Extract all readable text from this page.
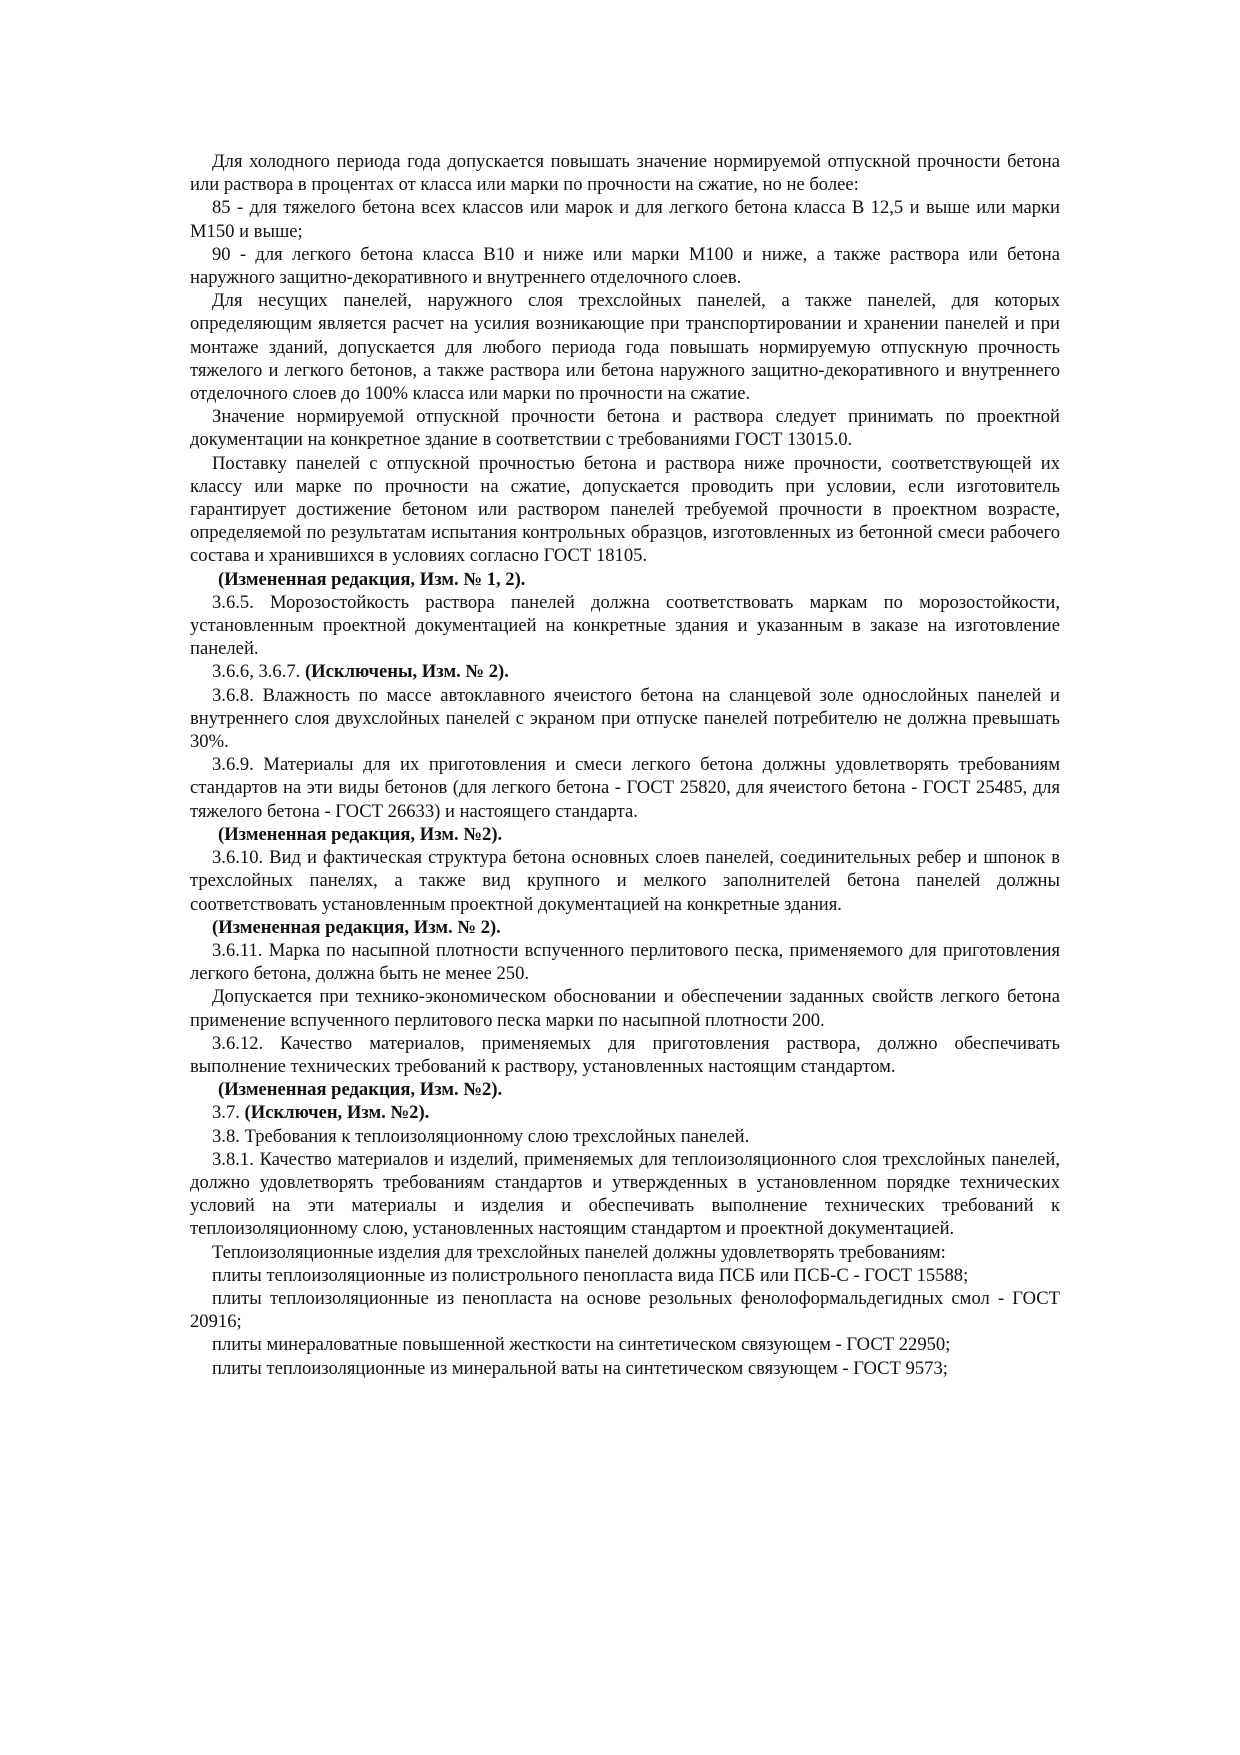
Для холодного периода года допускается повышать значение нормируемой отпускной прочности бетона или раствора в процентах от класса или марки по прочности на сжатие, но не более:

85 - для тяжелого бетона всех классов или марок и для легкого бетона класса В 12,5 и выше или марки М150 и выше;

90 - для легкого бетона класса В10 и ниже или марки М100 и ниже, а также раствора или бетона наружного защитно-декоративного и внутреннего отделочного слоев.

Для несущих панелей, наружного слоя трехслойных панелей, а также панелей, для которых определяющим является расчет на усилия возникающие при транспортировании и хранении панелей и при монтаже зданий, допускается для любого периода года повышать нормируемую отпускную прочность тяжелого и легкого бетонов, а также раствора или бетона наружного защитно-декоративного и внутреннего отделочного слоев до 100% класса или марки по прочности на сжатие.

Значение нормируемой отпускной прочности бетона и раствора следует принимать по проектной документации на конкретное здание в соответствии с требованиями ГОСТ 13015.0.

Поставку панелей с отпускной прочностью бетона и раствора ниже прочности, соответствующей их классу или марке по прочности на сжатие, допускается проводить при условии, если изготовитель гарантирует достижение бетоном или раствором панелей требуемой прочности в проектном возрасте, определяемой по результатам испытания контрольных образцов, изготовленных из бетонной смеси рабочего состава и хранившихся в условиях согласно ГОСТ 18105.

(Измененная редакция, Изм. № 1, 2).

3.6.5. Морозостойкость раствора панелей должна соответствовать маркам по морозостойкости, установленным проектной документацией на конкретные здания и указанным в заказе на изготовление панелей.

3.6.6, 3.6.7. (Исключены, Изм. № 2).

3.6.8. Влажность по массе автоклавного ячеистого бетона на сланцевой золе однослойных панелей и внутреннего слоя двухслойных панелей с экраном при отпуске панелей потребителю не должна превышать 30%.

3.6.9. Материалы для их приготовления и смеси легкого бетона должны удовлетворять требованиям стандартов на эти виды бетонов (для легкого бетона - ГОСТ 25820, для ячеистого бетона - ГОСТ 25485, для тяжелого бетона - ГОСТ 26633) и настоящего стандарта.

(Измененная редакция, Изм. №2).

3.6.10. Вид и фактическая структура бетона основных слоев панелей, соединительных ребер и шпонок в трехслойных панелях, а также вид крупного и мелкого заполнителей бетона панелей должны соответствовать установленным проектной документацией на конкретные здания.

(Измененная редакция, Изм. № 2).

3.6.11. Марка по насыпной плотности вспученного перлитового песка, применяемого для приготовления легкого бетона, должна быть не менее 250.

Допускается при технико-экономическом обосновании и обеспечении заданных свойств легкого бетона применение вспученного перлитового песка марки по насыпной плотности 200.

3.6.12. Качество материалов, применяемых для приготовления раствора, должно обеспечивать выполнение технических требований к раствору, установленных настоящим стандартом.

(Измененная редакция, Изм. №2).

3.7. (Исключен, Изм. №2).

3.8. Требования к теплоизоляционному слою трехслойных панелей.

3.8.1. Качество материалов и изделий, применяемых для теплоизоляционного слоя трехслойных панелей, должно удовлетворять требованиям стандартов и утвержденных в установленном порядке технических условий на эти материалы и изделия и обеспечивать выполнение технических требований к теплоизоляционному слою, установленных настоящим стандартом и проектной документацией.

Теплоизоляционные изделия для трехслойных панелей должны удовлетворять требованиям:

плиты теплоизоляционные из полистрольного пенопласта вида ПСБ или ПСБ-С - ГОСТ 15588;

плиты теплоизоляционные из пенопласта на основе резольных фенолоформальдегидных смол - ГОСТ 20916;

плиты минераловатные повышенной жесткости на синтетическом связующем - ГОСТ 22950;

плиты теплоизоляционные из минеральной ваты на синтетическом связующем - ГОСТ 9573;
